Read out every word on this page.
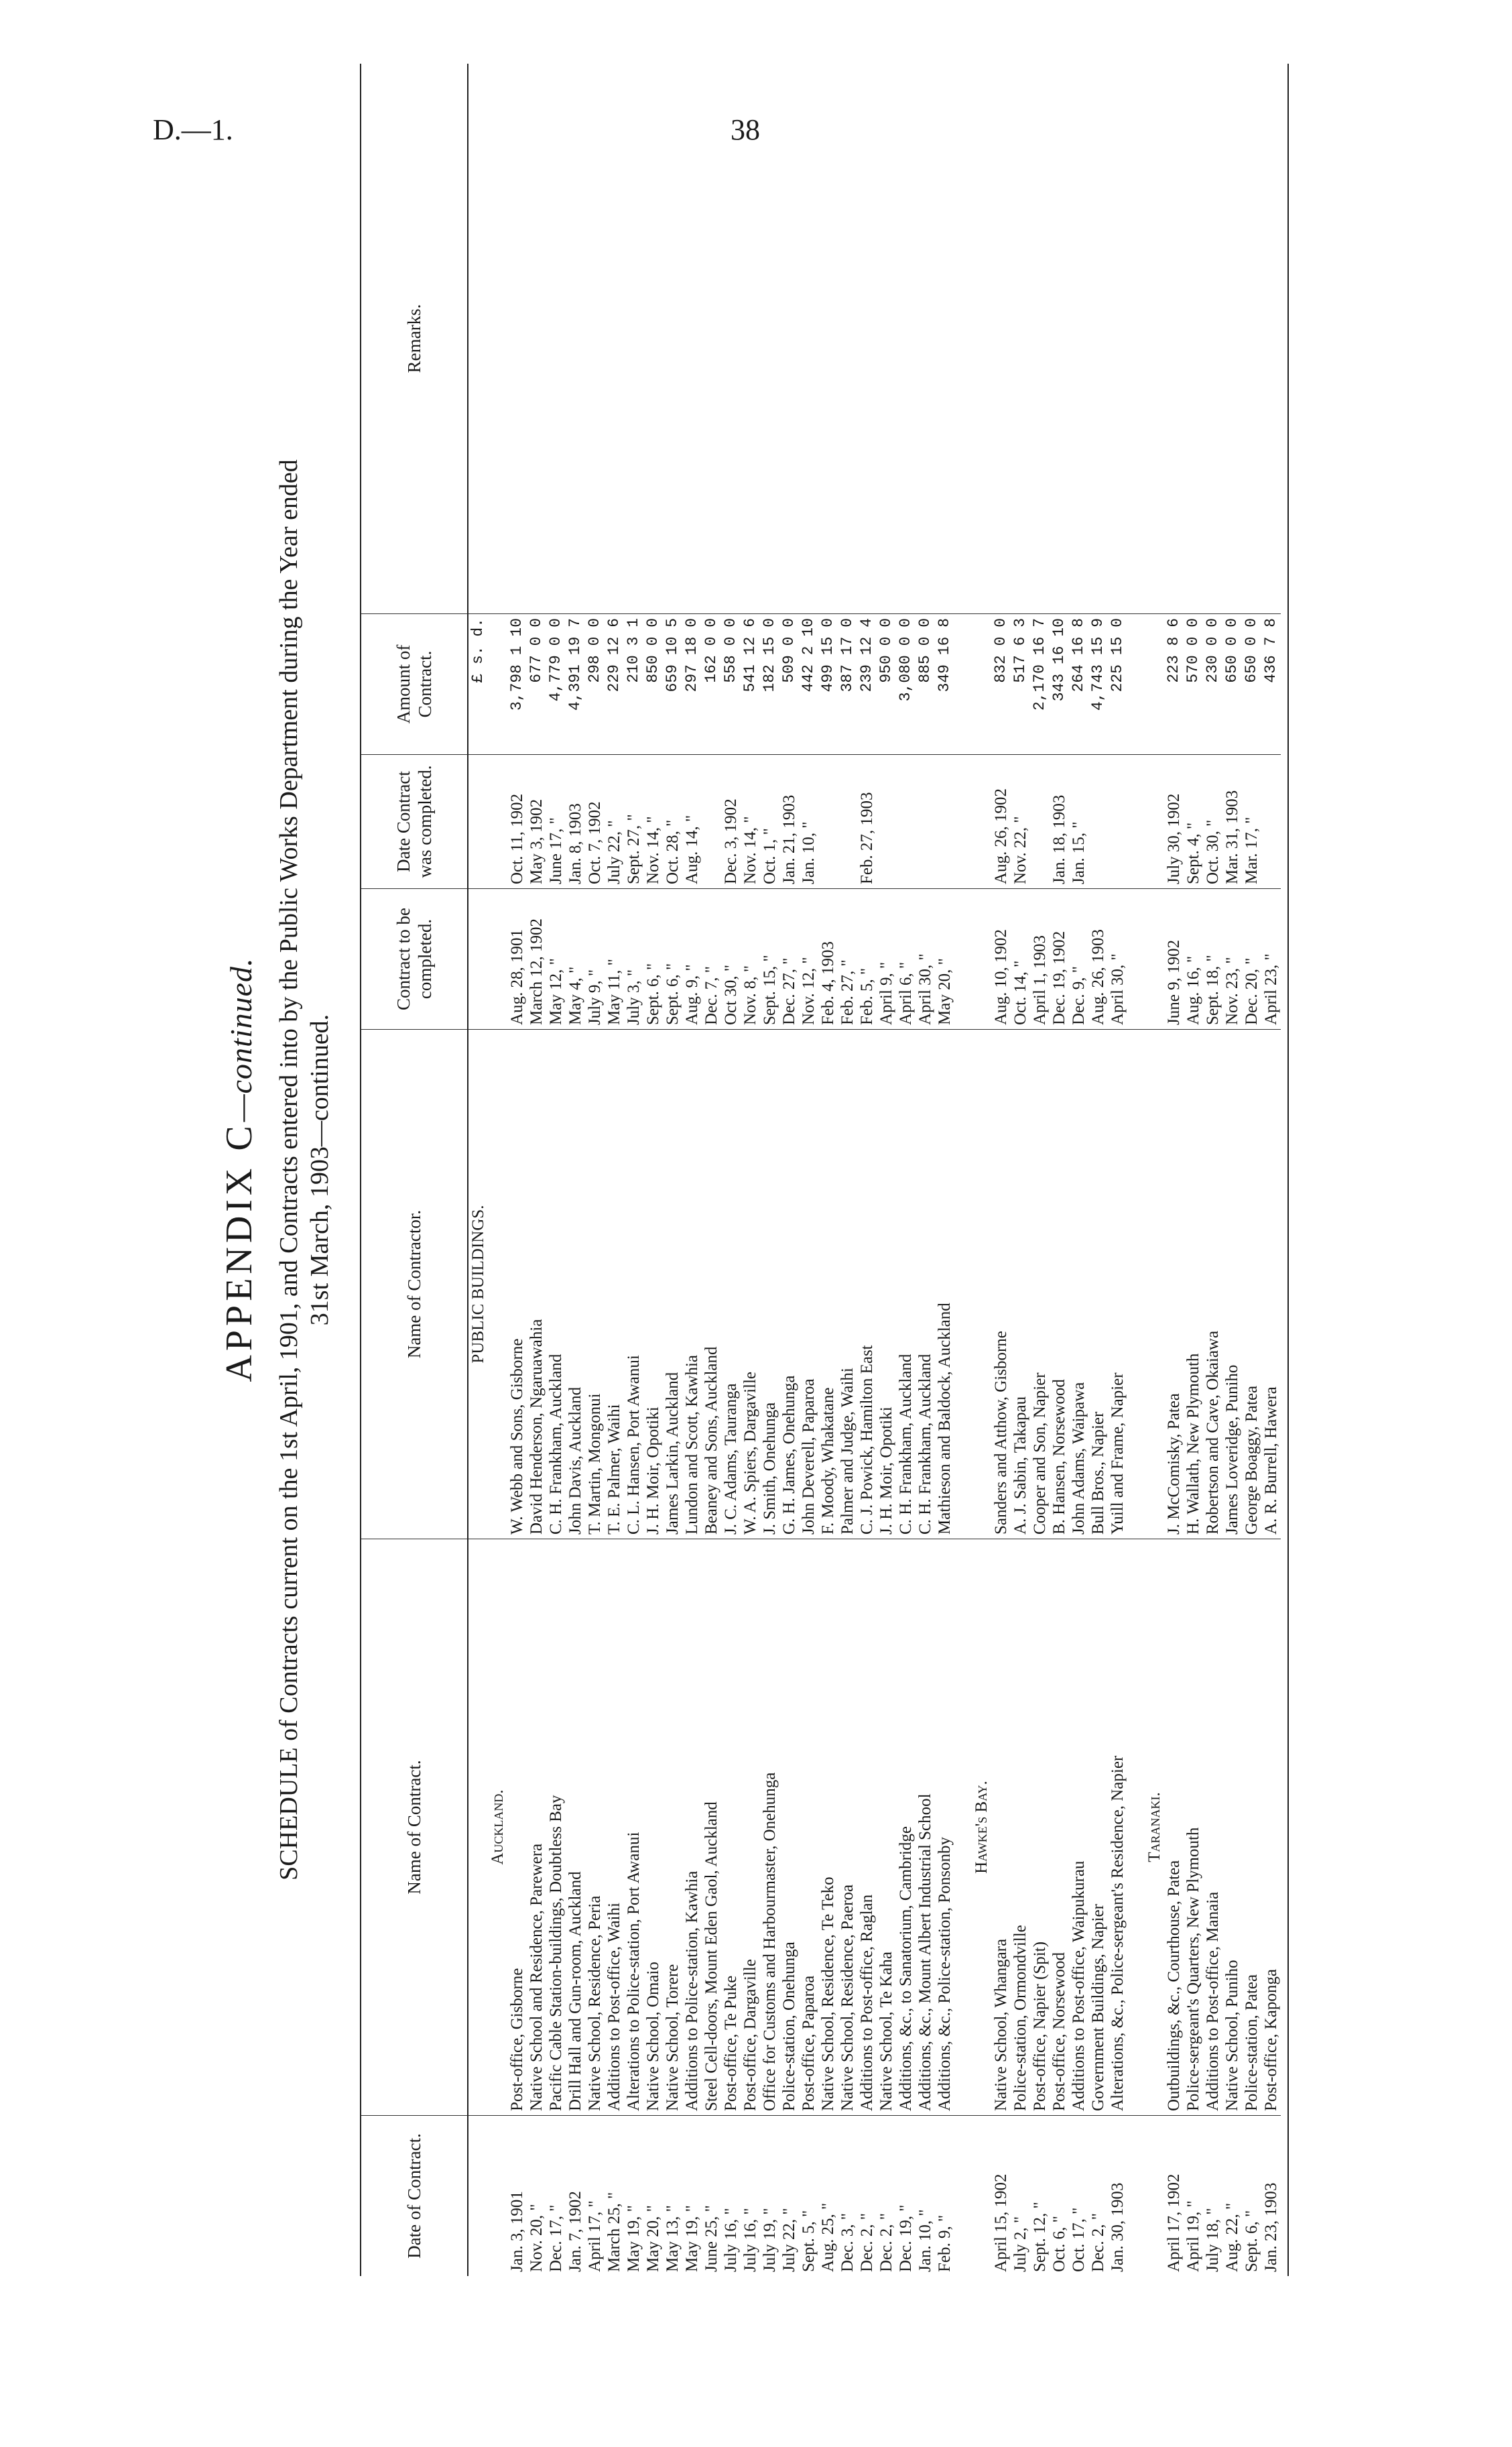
D.—1.	38
APPENDIX C—continued. SCHEDULE of Contracts current on the 1st April, 1901, and Contracts entered into by the Public Works Department during the Year ended 31st March, 1903—continued.
Date of Contract.
Name of Contract.
Name of Contractor.
Contract to be completed.
Date Contract was completed.
Amount of Contract.
Remarks.
PUBLIC BUILDINGS.
£ s. d.
Auckland.
Jan. 3, 1901
Post-office, Gisborne
W. Webb and Sons, Gisborne
Aug. 28, 1901
Oct. 11, 1902
3,798 1 10
Nov. 20, "
Native School and Residence, Parewera
David Henderson, Ngaruawahia
March 12, 1902
May 3, 1902
677 0 0
Dec. 17, "
Pacific Cable Station-buildings, Doubtless Bay
C. H. Frankham, Auckland
May 12, "
June 17, "
4,779 0 0
Jan. 7, 1902
Drill Hall and Gun-room, Auckland
John Davis, Auckland
May 4, "
Jan. 8, 1903
4,391 19 7
April 17, "
Native School, Residence, Peria
T. Martin, Mongonui
July 9, "
Oct. 7, 1902
298 0 0
March 25, "
Additions to Post-office, Waihi
T. E. Palmer, Waihi
May 11, "
July 22, "
229 12 6
May 19, "
Alterations to Police-station, Port Awanui
C. L. Hansen, Port Awanui
July 3, "
Sept. 27, "
210 3 1
May 20, "
Native School, Omaio
J. H. Moir, Opotiki
Sept. 6, "
Nov. 14, "
850 0 0
May 13, "
Native School, Torere
James Larkin, Auckland
Sept. 6, "
Oct. 28, "
659 10 5
May 19, "
Additions to Police-station, Kawhia
Lundon and Scott, Kawhia
Aug. 9, "
Aug. 14, "
297 18 0
June 25, "
Steel Cell-doors, Mount Eden Gaol, Auckland
Beaney and Sons, Auckland
Dec. 7, "
162 0 0
July 16, "
Post-office, Te Puke
J. C. Adams, Tauranga
Oct 30, "
Dec. 3, 1902
558 0 0
July 16, "
Post-office, Dargaville
W. A. Spiers, Dargaville
Nov. 8, "
Nov. 14, "
541 12 6
July 19, "
Office for Customs and Harbourmaster, Onehunga
J. Smith, Onehunga
Sept. 15, "
Oct. 1, "
182 15 0
July 22, "
Police-station, Onehunga
G. H. James, Onehunga
Dec. 27, "
Jan. 21, 1903
509 0 0
Sept. 5, "
Post-office, Paparoa
John Deverell, Paparoa
Nov. 12, "
Jan. 10, "
442 2 10
Aug. 25, "
Native School, Residence, Te Teko
F. Moody, Whakatane
Feb. 4, 1903
499 15 0
Dec. 3, "
Native School, Residence, Paeroa
Palmer and Judge, Waihi
Feb. 27, "
387 17 0
Dec. 2, "
Additions to Post-office, Raglan
C. J. Powick, Hamilton East
Feb. 5, "
Feb. 27, 1903
239 12 4
Dec. 2, "
Native School, Te Kaha
J. H. Moir, Opotiki
April 9, "
950 0 0
Dec. 19, "
Additions, &c., to Sanatorium, Cambridge
C. H. Frankham, Auckland
April 6, "
3,080 0 0
Jan. 10, "
Additions, &c., Mount Albert Industrial School
C. H. Frankham, Auckland
April 30, "
885 0 0
Feb. 9, "
Additions, &c., Police-station, Ponsonby
Mathieson and Baldock, Auckland
May 20, "
349 16 8
Hawke's Bay.
April 15, 1902
Native School, Whangara
Sanders and Atthow, Gisborne
Aug. 10, 1902
Aug. 26, 1902
832 0 0
July 2, "
Police-station, Ormondville
A. J. Sabin, Takapau
Oct. 14, "
Nov. 22, "
517 6 3
Sept. 12, "
Post-office, Napier (Spit)
Cooper and Son, Napier
April 1, 1903
2,170 16 7
Oct. 6, "
Post-office, Norsewood
B. Hansen, Norsewood
Dec. 19, 1902
Jan. 18, 1903
343 16 10
Oct. 17, "
Additions to Post-office, Waipukurau
John Adams, Waipawa
Dec. 9, "
Jan. 15, "
264 16 8
Dec. 2, "
Government Buildings, Napier
Bull Bros., Napier
Aug. 26, 1903
4,743 15 9
Jan. 30, 1903
Alterations, &c., Police-sergeant's Residence, Napier
Yuill and Frame, Napier
April 30, "
225 15 0
Taranaki.
April 17, 1902
Outbuildings, &c., Courthouse, Patea
J. McComisky, Patea
June 9, 1902
July 30, 1902
223 8 6
April 19, "
Police-sergeant's Quarters, New Plymouth
H. Wallath, New Plymouth
Aug. 16, "
Sept. 4, "
570 0 0
July 18, "
Additions to Post-office, Manaia
Robertson and Cave, Okaiawa
Sept. 18, "
Oct. 30, "
230 0 0
Aug. 22, "
Native School, Puniho
James Loveridge, Puniho
Nov. 23, "
Mar. 31, 1903
650 0 0
Sept. 6, "
Police-station, Patea
George Boaggy, Patea
Dec. 20, "
Mar. 17, "
650 0 0
Jan. 23, 1903
Post-office, Kaponga
A. R. Burrell, Hawera
April 23, "
436 7 8
